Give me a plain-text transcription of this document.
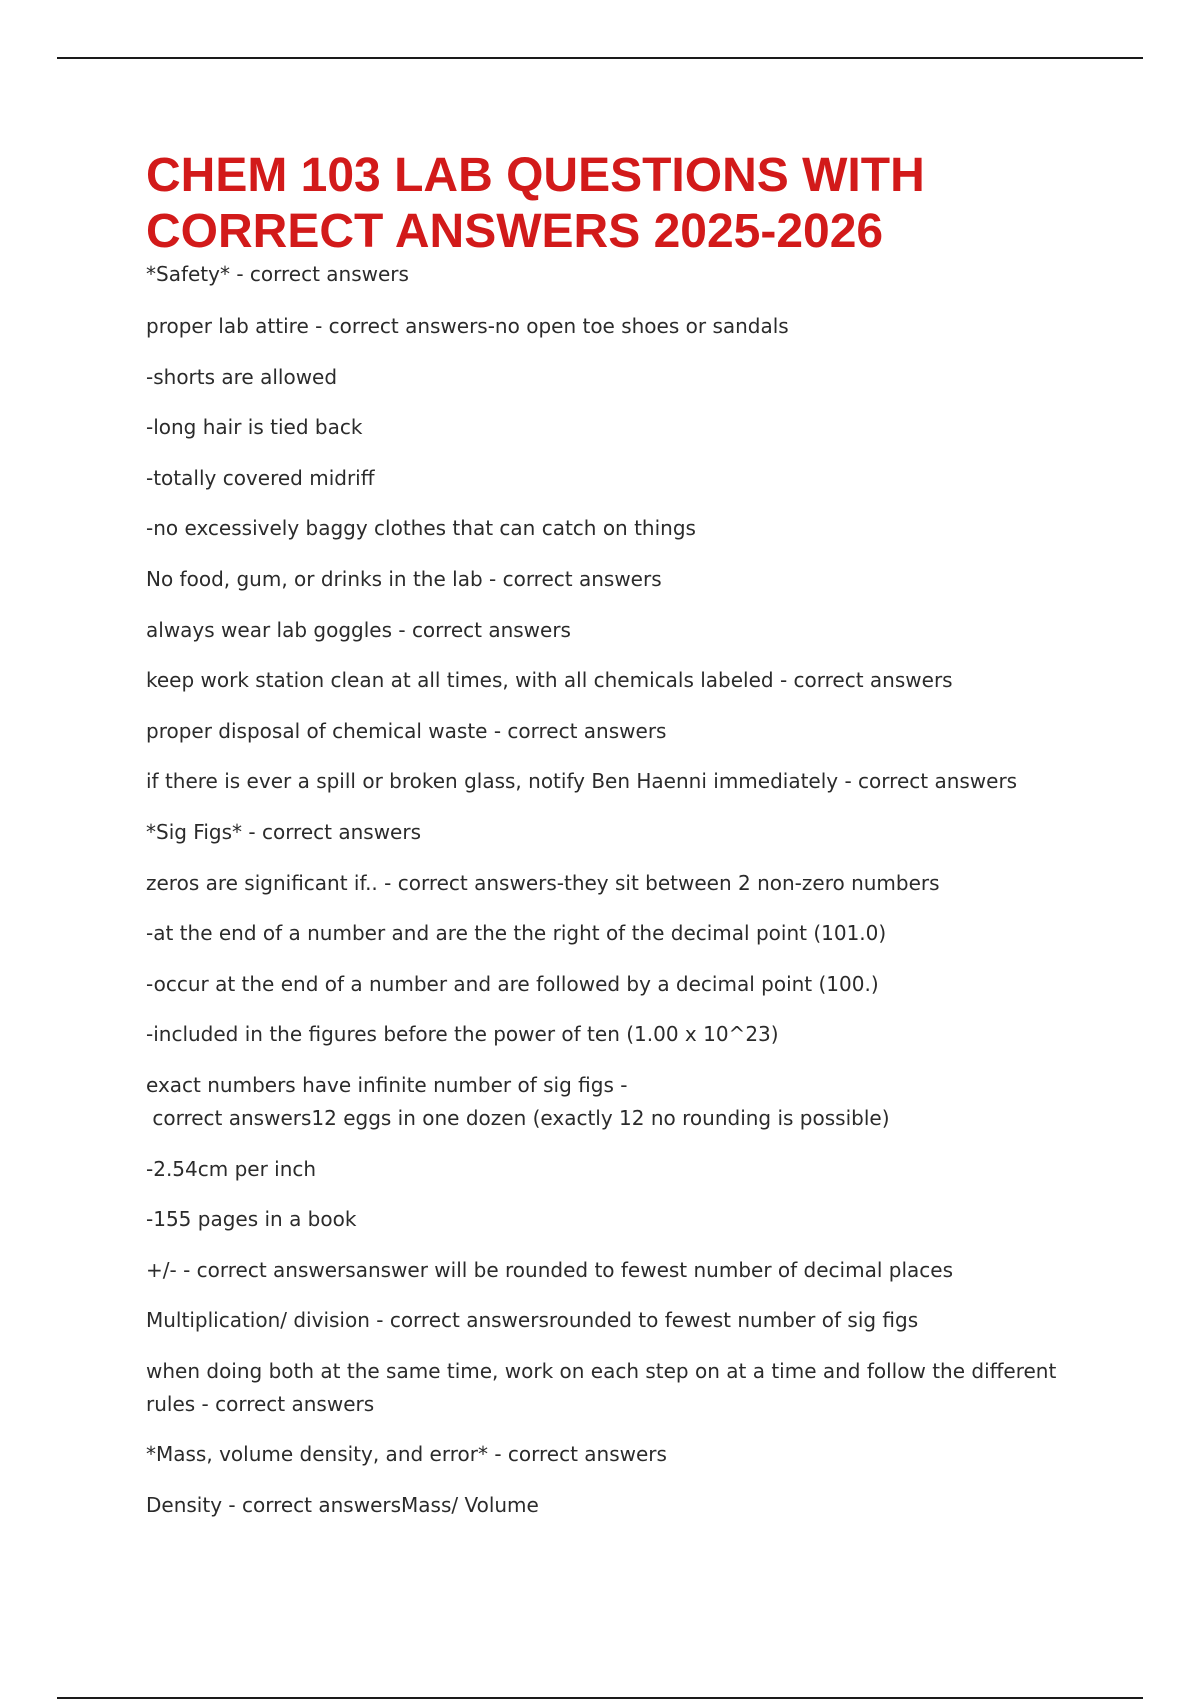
CHEM 103 LAB QUESTIONS WITH
CORRECT ANSWERS 2025-2026

*Safety* - correct answers

proper lab attire - correct answers-no open toe shoes or sandals

-shorts are allowed

-long hair is tied back

-totally covered midriff

-no excessively baggy clothes that can catch on things

No food, gum, or drinks in the lab - correct answers

always wear lab goggles - correct answers

keep work station clean at all times, with all chemicals labeled - correct answers

proper disposal of chemical waste - correct answers

if there is ever a spill or broken glass, notify Ben Haenni immediately - correct answers

*Sig Figs* - correct answers

zeros are significant if.. - correct answers-they sit between 2 non-zero numbers

-at the end of a number and are the the right of the decimal point (101.0)

-occur at the end of a number and are followed by a decimal point (100.)

-included in the figures before the power of ten (1.00 x 10^23)

exact numbers have infinite number of sig figs -
correct answers12 eggs in one dozen (exactly 12 no rounding is possible)

-2.54cm per inch

-155 pages in a book

+/- - correct answersanswer will be rounded to fewest number of decimal places

Multiplication/ division - correct answersrounded to fewest number of sig figs

when doing both at the same time, work on each step on at a time and follow the different rules - correct answers

*Mass, volume density, and error* - correct answers

Density - correct answersMass/ Volume
